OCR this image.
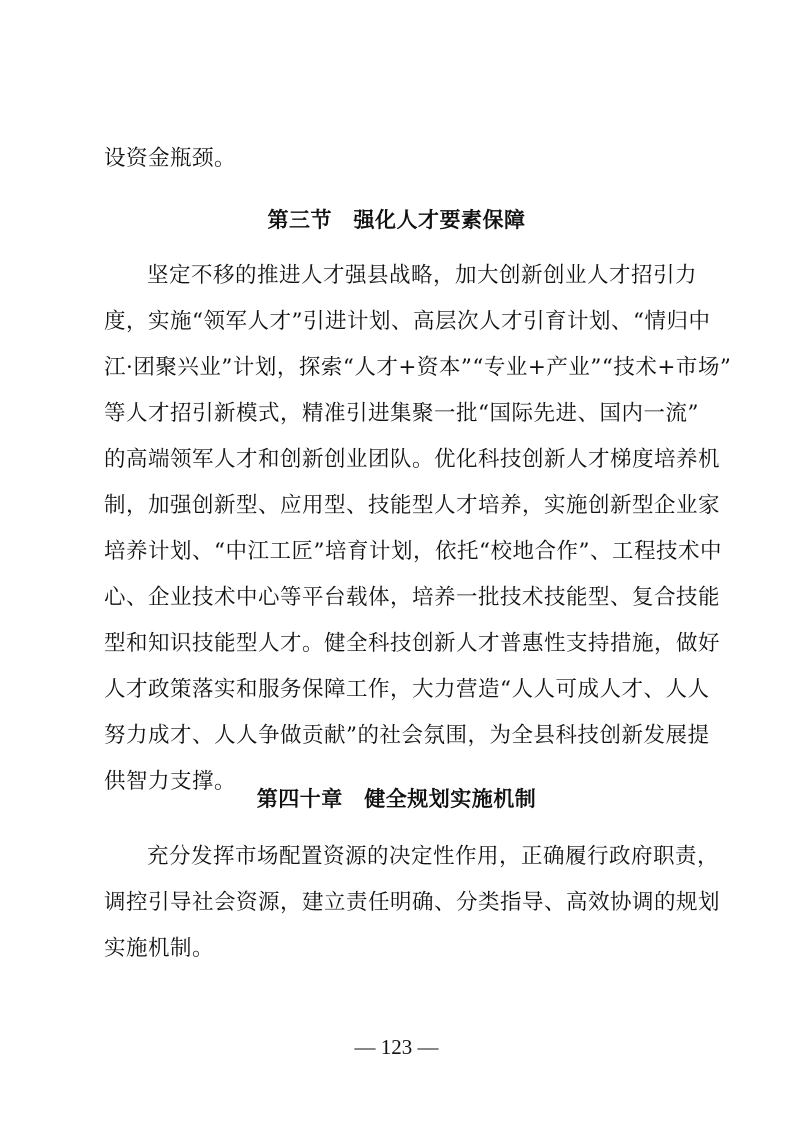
设资金瓶颈。
第三节　强化人才要素保障
坚定不移的推进人才强县战略，加大创新创业人才招引力
度，实施“领军人才”引进计划、高层次人才引育计划、“情归中
江·团聚兴业”计划，探索“人才+资本”“专业+产业”“技术+市场”
等人才招引新模式，精准引进集聚一批“国际先进、国内一流”
的高端领军人才和创新创业团队。优化科技创新人才梯度培养机
制，加强创新型、应用型、技能型人才培养，实施创新型企业家
培养计划、“中江工匠”培育计划，依托“校地合作”、工程技术中
心、企业技术中心等平台载体，培养一批技术技能型、复合技能
型和知识技能型人才。健全科技创新人才普惠性支持措施，做好
人才政策落实和服务保障工作，大力营造“人人可成人才、人人
努力成才、人人争做贡献”的社会氛围，为全县科技创新发展提
供智力支撑。
第四十章　健全规划实施机制
充分发挥市场配置资源的决定性作用，正确履行政府职责，
调控引导社会资源，建立责任明确、分类指导、高效协调的规划
实施机制。
— 123 —
